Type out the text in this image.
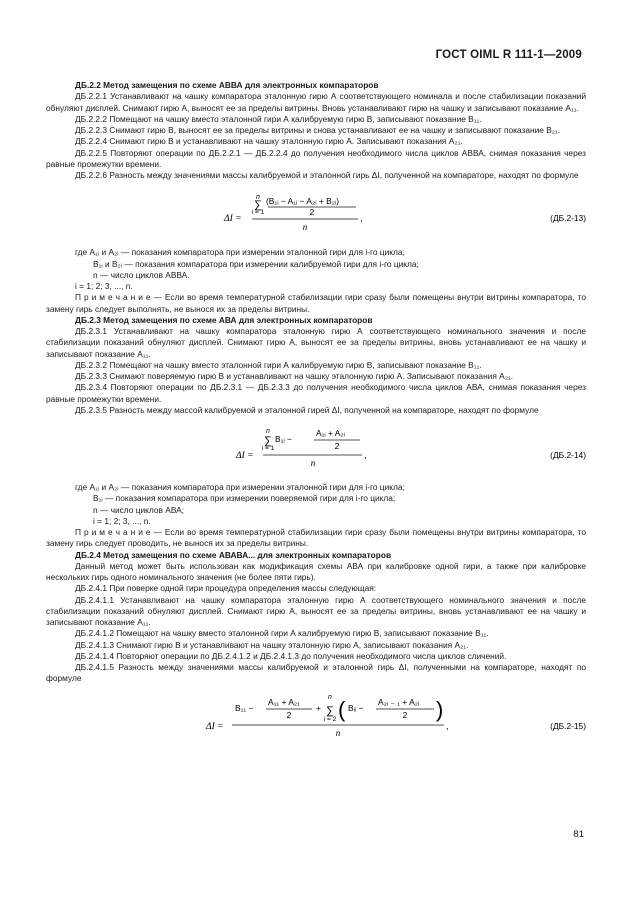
ГОСТ OIML R 111-1—2009

ДБ.2.2 Метод замещения по схеме АВВА для электронных компараторов

ДБ.2.2.1 Устанавливают на чашку компаратора эталонную гирю А соответствующего номинала и после стабилизации показаний обнуляют дисплей. Снимают гирю А, выносят ее за пределы витрины. Вновь устанавливают гирю на чашку и записывают показание А₁₁.

ДБ.2.2.2 Помещают на чашку вместо эталонной гири А калибруемую гирю В, записывают показание В₁₁.

ДБ.2.2.3 Снимают гирю В, выносят ее за пределы витрины и снова устанавливают ее на чашку и записывают показание В₂₁.

ДБ.2.2.4 Снимают гирю В и устанавливают на чашку эталонную гирю А. Записывают показания А₂₁.

ДБ.2.2.5 Повторяют операции по ДБ.2.2.1 — ДБ.2.2.4 до получения необходимого числа циклов АВВА, снимая показания через равные промежутки времени.

ДБ.2.2.6 Разность между значениями массы калибруемой и эталонной гирь ΔI, полученной на компараторе, находят по формуле

ΔI =
n
i = 1
∑ (B₁ᵢ − A₁ᵢ − A₂ᵢ + B₂ᵢ)
2
n
,	(ДБ.2-13)

где А₁ᵢ и А₂ᵢ — показания компаратора при измерении эталонной гири для i-го цикла;

В₁ᵢ и В₂ᵢ — показания компаратора при измерении калибруемой гири для i-го цикла;

n — число циклов АВВА.

i = 1; 2; 3, ..., n.

П р и м е ч а н и е — Если во время температурной стабилизации гири сразу были помещены внутри витрины компаратора, то замену гирь следует выполнять, не вынося их за пределы витрины.

ДБ.2.3 Метод замещения по схеме АВА для электронных компараторов

ДБ.2.3.1 Устанавливают на чашку компаратора эталонную гирю А соответствующего номинального значения и после стабилизации показаний обнуляют дисплей. Снимают гирю А, выносят ее за пределы витрины, вновь устанавливают ее на чашку и записывают показание А₁₁.

ДБ.2.3.2 Помещают на чашку вместо эталонной гири А калибруемую гирю В, записывают показание В₁₁.

ДБ.2.3.3 Снимают поверяемую гирю В и устанавливают на чашку эталонную гирю А. Записывают показания А₂₁.

ДБ.2.3.4 Повторяют операции по ДБ.2.3.1 — ДБ.2.3.3 до получения необходимого числа циклов АВА, снимая показания через равные промежутки времени.

ДБ.2.3.5 Разность между массой калибруемой и эталонной гирей ΔI, полученной на компараторе, находят по формуле

ΔI =
n
i = 1
∑ B₁ᵢ −
A₁ᵢ + A₂ᵢ
2
n
,	(ДБ.2-14)

где А₁ᵢ и А₂ᵢ — показания компаратора при измерении эталонной гири для i-го цикла;

В₁ᵢ — показания компаратора при измерении поверяемой гири для i-го цикла;

n — число циклов АВА;

i = 1; 2; 3, ..., n.

П р и м е ч а н и е — Если во время температурной стабилизации гири сразу были помещены внутри витрины компаратора, то замену гирь следует проводить, не вынося их за пределы витрины.

ДБ.2.4 Метод замещения по схеме АВАВА... для электронных компараторов

Данный метод может быть использован как модификация схемы АВА при калибровке одной гири, а также при калибровке нескольких гирь одного номинального значения (не более пяти гирь).

ДБ.2.4.1 При поверке одной гири процедура определения массы следующая:

ДБ.2.4.1.1 Устанавливают на чашку компаратора эталонную гирю А соответствующего номинального значения и после стабилизации показаний обнуляют дисплей. Снимают гирю А, выносят ее за пределы витрины, вновь устанавливают ее на чашку и записывают показание А₁₁.

ДБ.2.4.1.2 Помещают на чашку вместо эталонной гири А калибруемую гирю В, записывают показание В₁₁.

ДБ.2.4.1.3 Снимают гирю В и устанавливают на чашку эталонную гирю А, записывают показания А₂₁.

ДБ.2.4.1.4 Повторяют операции по ДБ.2.4.1.2 и ДБ.2.4.1.3 до получения необходимого числа циклов сличений.

ДБ.2.4.1.5 Разность между значениями массы калибруемой и эталонной гирь ΔI, полученными на компараторе, находят по формуле

ΔI =
B₁₁ −
A₁₁ + A₂₁
2
+
n
i = 2
∑ ( Bᵢᵢ −
A₂ᵢ ₋ ₁ + A₂ᵢ
2 )
n
,	(ДБ.2-15)
81
